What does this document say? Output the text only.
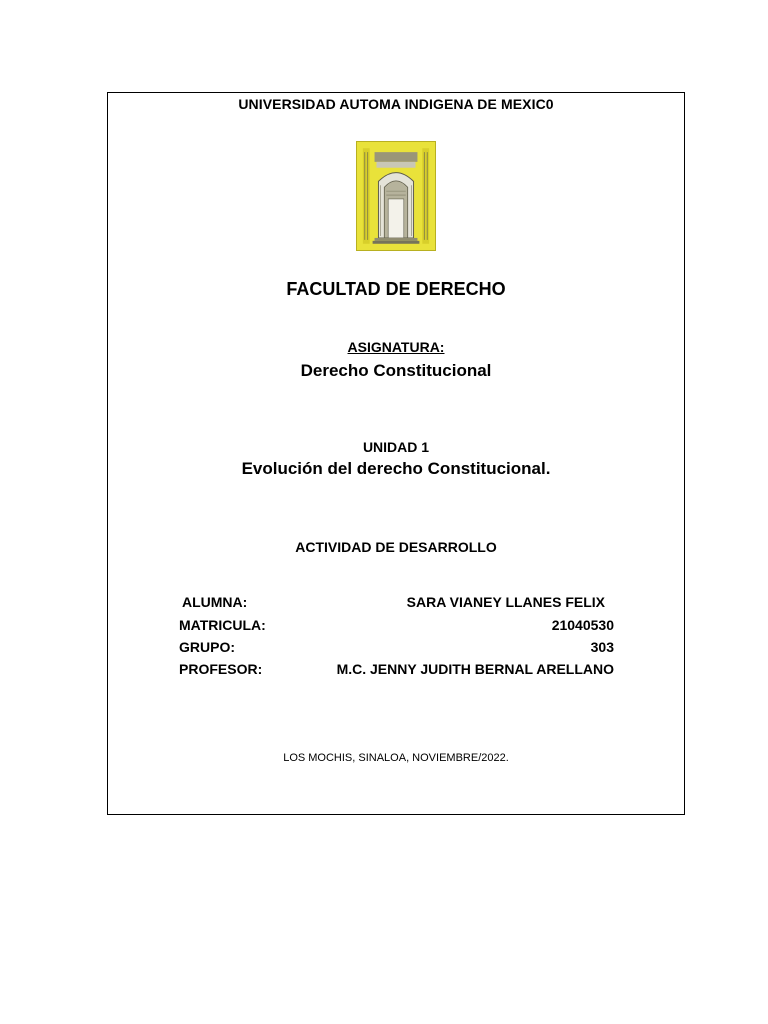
UNIVERSIDAD AUTOMA INDIGENA DE MEXIC0
FACULTAD DE DERECHO
ASIGNATURA:
Derecho Constitucional
UNIDAD 1
Evolución del derecho Constitucional.
ACTIVIDAD DE DESARROLLO
ALUMNA:	SARA VIANEY LLANES FELIX
MATRICULA:	21040530
GRUPO:	303
PROFESOR:	M.C. JENNY JUDITH BERNAL ARELLANO
LOS MOCHIS, SINALOA, NOVIEMBRE/2022.
